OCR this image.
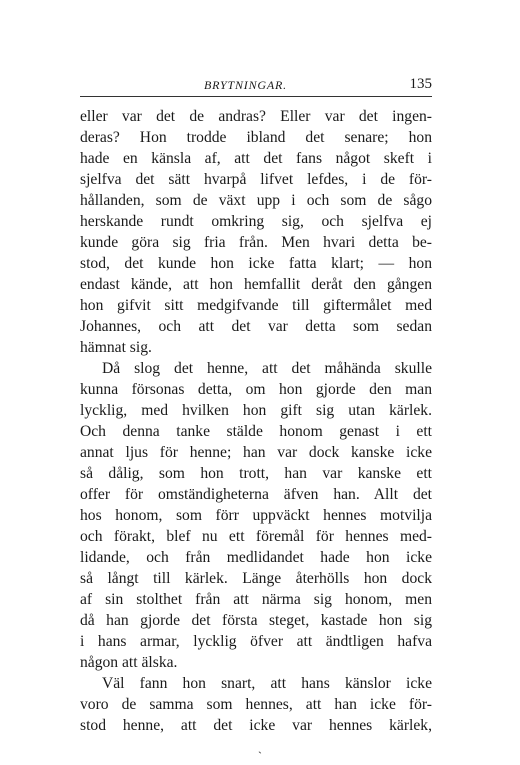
BRYTNINGAR.	135
eller var det de andras? Eller var det ingen-
deras? Hon trodde ibland det senare; hon
hade en känsla af, att det fans något skeft i
sjelfva det sätt hvarpå lifvet lefdes, i de för-
hållanden, som de växt upp i och som de sågo
herskande rundt omkring sig, och sjelfva ej
kunde göra sig fria från. Men hvari detta be-
stod, det kunde hon icke fatta klart; — hon
endast kände, att hon hemfallit deråt den gången
hon gifvit sitt medgifvande till giftermålet med
Johannes, och att det var detta som sedan
hämnat sig.
Då slog det henne, att det måhända skulle
kunna försonas detta, om hon gjorde den man
lycklig, med hvilken hon gift sig utan kärlek.
Och denna tanke stälde honom genast i ett
annat ljus för henne; han var dock kanske icke
så dålig, som hon trott, han var kanske ett
offer för omständigheterna äfven han. Allt det
hos honom, som förr uppväckt hennes motvilja
och förakt, blef nu ett föremål för hennes med-
lidande, och från medlidandet hade hon icke
så långt till kärlek. Länge återhölls hon dock
af sin stolthet från att närma sig honom, men
då han gjorde det första steget, kastade hon sig
i hans armar, lycklig öfver att ändtligen hafva
någon att älska.
Väl fann hon snart, att hans känslor icke
voro de samma som hennes, att han icke för-
stod henne, att det icke var hennes kärlek,
ˎ
